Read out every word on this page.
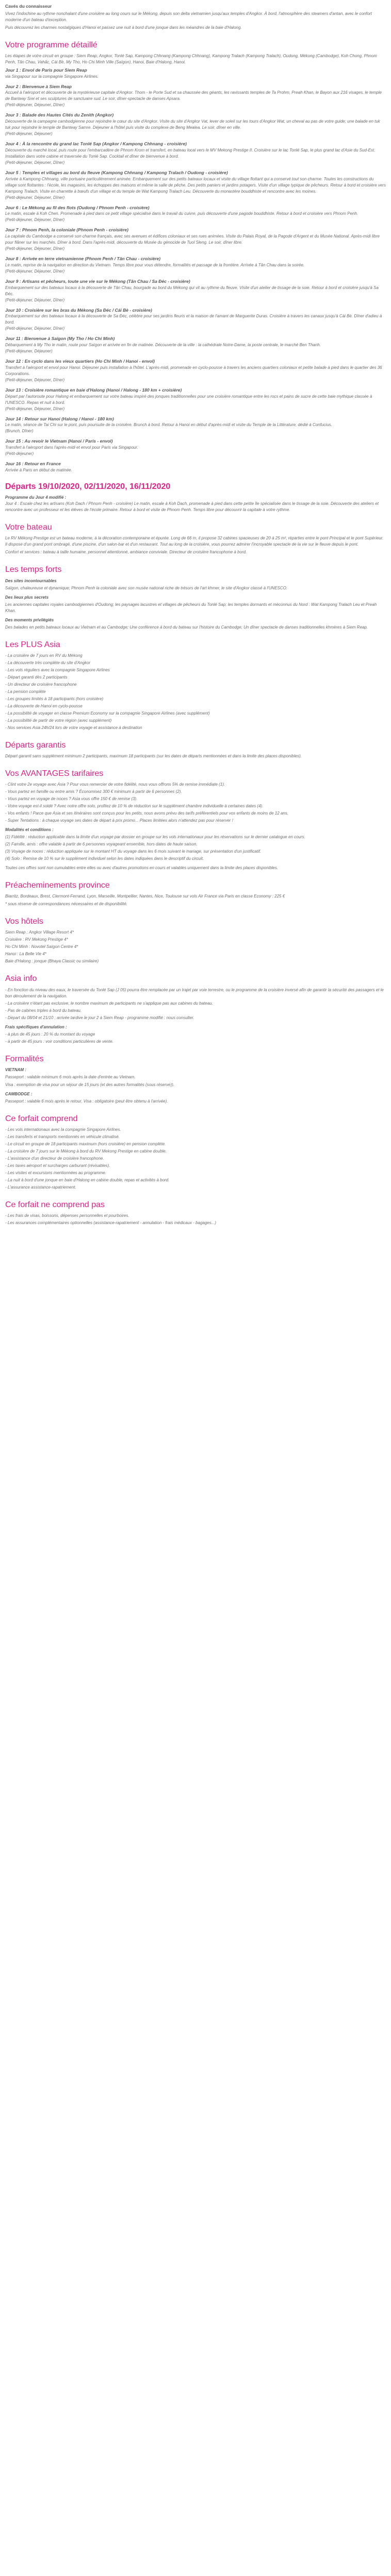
Cavés du connaisseur

Vivez l'indochine au rythme nonchalant d'une croisière au long cours sur le Mékong, depuis son delta vietnamien jusqu'aux temples d'Angkor. À bord, l'atmosphère des steamers d'antan, avec le confort moderne d'un bateau d'exception.

Puis découvrez les charmes nostalgiques d'Hanoi et passez une nuit à bord d'une jonque dans les méandres de la baie d'Halong.

Votre programme détaillé

Les étapes de votre circuit en groupe : Siem Reap, Angkor, Tonlé Sap, Kampong Chhnang (Kampong Chhnang), Kampong Tralach (Kampong Tralach), Oudong, Mékong (Cambodge), Koh Chong, Phnom Penh, Tân Chau, Vahấc, Cái Bè, My Tho, Ho Chi Minh Ville (Saïgon), Hanoi, Baie d'Halong, Hanoi.

Jour 1 : Envol de Paris pour Siem Reap

via Singapour sur la compagnie Singapore Airlines.

Jour 2 : Bienvenue à Siem Reap

Accueil à l'aéroport et découverte de la mystérieuse capitale d'Angkor. Thom - le Porte Sud et sa chaussée des géants, les ravissants temples de Ta Prohm, Preah Khan, le Bayon aux 216 visages, le temple de Banteay Srei et ses sculptures de sanctuaire sud. Le soir, dîner-spectacle de danses Apsara.

(Petit-déjeuner, Déjeuner, Dîner)

Jour 3 : Balade des Hautes Cités du Zenith (Angkor)

Découverte de la campagne cambodgienne pour rejoindre le cœur du site d'Angkor. Visite du site d'Angkor Vat, lever de soleil sur les tours d'Angkor Wat, un cheval au pas de votre guide; une balade en tuk tuk pour rejoindre le temple de Banteay Samre. Déjeuner à l'hôtel puis visite du complexe de Beng Mealea. Le soir, dîner en ville.

(Petit-déjeuner, Déjeuner)

Jour 4 : À la rencontre du grand lac Tonlé Sap (Angkor / Kampong Chhnang - croisière)

Découverte du marché local, puis route pour l'embarcadère de Phnom Krom et transfert, en bateau local vers le MV Mekong Prestige II. Croisière sur le lac Tonlé Sap, le plus grand lac d'Asie du Sud-Est. Installation dans votre cabine et traversée du Tonlé Sap. Cocktail et dîner de bienvenue à bord.

(Petit-déjeuner, Déjeuner, Dîner)

Jour 5 : Temples et villages au bord du fleuve (Kampong Chhnang / Kampong Tralach / Oudong - croisière)

Arrivée à Kampong Chhnang, ville portuaire particulièrement animée. Embarquement sur des petits bateaux locaux et visite du village flottant qui a conservé tout son charme. Toutes les constructions du village sont flottantes : l'école, les magasins, les échoppes des maisons et même la salle de pêche. Des petits paniers et jardins potagers. Visite d'un village typique de pêcheurs. Retour à bord et croisière vers Kampong Tralach. Visite en charrette à bœufs d'un village et du temple de Wat Kampong Tralach Leu. Découverte du monastère bouddhiste et rencontre avec les moines.

(Petit-déjeuner, Déjeuner, Dîner)

Jour 6 : Le Mékong au fil des flots (Oudong / Phnom Penh - croisière)

Le matin, escale à Koh Chen. Promenade à pied dans ce petit village spécialisé dans le travail du cuivre, puis découverte d'une pagode bouddhiste. Retour à bord et croisière vers Phnom Penh.

(Petit-déjeuner, Déjeuner, Dîner)

Jour 7 : Phnom Penh, la coloniale (Phnom Penh - croisière)

La capitale du Cambodge a conservé son charme français, avec ses avenues et édifices coloniaux et ses rues animées. Visite du Palais Royal, de la Pagode d'Argent et du Musée National. Après-midi libre pour flâner sur les marchés. Dîner à bord. Dans l'après-midi, découverte du Musée du génocide de Tuol Sleng. Le soir, dîner libre.

(Petit-déjeuner, Déjeuner, Dîner)

Jour 8 : Arrivée en terre vietnamienne (Phnom Penh / Tân Chau - croisière)

Le matin, reprise de la navigation en direction du Vietnam. Temps libre pour vous détendre, formalités et passage de la frontière. Arrivée à Tân Chau dans la soirée.

(Petit-déjeuner, Déjeuner, Dîner)

Jour 9 : Artisans et pêcheurs, toute une vie sur le Mékong (Tân Chau / Sa Đéc - croisière)

Embarquement sur des bateaux locaux à la découverte de Tân Chau, bourgade au bord du Mékong qui vit au rythme du fleuve. Visite d'un atelier de tissage de la soie. Retour à bord et croisière jusqu'à Sa Đéc.

(Petit-déjeuner, Déjeuner, Dîner)

Jour 10 : Croisière sur les bras du Mékong (Sa Đéc / Cái Bè - croisière)

Embarquement sur des bateaux locaux à la découverte de Sa Đéc, célèbre pour ses jardins fleuris et la maison de l'amant de Marguerite Duras. Croisière à travers les canaux jusqu'à Cái Bè. Dîner d'adieu à bord.

(Petit-déjeuner, Déjeuner, Dîner)

Jour 11 : Bienvenue à Saïgon (My Tho / Ho Chi Minh)

Débarquement à My Tho le matin, route pour Saïgon et arrivée en fin de matinée. Découverte de la ville : la cathédrale Notre-Dame, la poste centrale, le marché Ben Thanh.

(Petit-déjeuner, Déjeuner)

Jour 12 : En cyclo dans les vieux quartiers (Ho Chi Minh / Hanoi - envol)

Transfert à l'aéroport et envol pour Hanoi. Déjeuner puis installation à l'hôtel. L'après-midi, promenade en cyclo-pousse à travers les anciens quartiers coloniaux et petite balade à pied dans le quartier des 36 Corporations.

(Petit-déjeuner, Déjeuner, Dîner)

Jour 13 : Croisière romantique en baie d'Halong (Hanoi / Halong - 180 km + croisière)

Départ par l'autoroute pour Halong et embarquement sur votre bateau inspiré des jonques traditionnelles pour une croisière romantique entre les rocs et pains de sucre de cette baie mythique classée à l'UNESCO. Repas et nuit à bord.

(Petit-déjeuner, Déjeuner, Dîner)

Jour 14 : Retour sur Hanoi (Halong / Hanoi - 180 km)

Le matin, séance de Tai Chi sur le pont, puis poursuite de la croisière. Brunch à bord. Retour à Hanoi en début d'après-midi et visite du Temple de la Littérature, dédié à Confucius.

(Brunch, Dîner)

Jour 15 : Au revoir le Vietnam (Hanoi / Paris - envol)

Transfert à l'aéroport dans l'après-midi et envol pour Paris via Singapour.

(Petit-déjeuner)

Jour 16 : Retour en France

Arrivée à Paris en début de matinée.

Départs 19/10/2020, 02/11/2020, 16/11/2020
Programme du Jour 4 modifié :

Jour 4 : Escale chez les artisans (Koh Dach / Phnom Penh - croisière) Le matin, escale à Koh Dach, promenade à pied dans cette petite île spécialisée dans le tissage de la soie. Découverte des ateliers et rencontre avec un professeur et les élèves de l'école primaire. Retour à bord et visite de Phnom Penh. Temps libre pour découvrir la capitale à votre rythme.

Votre bateau

Le RV Mékong Prestige est un bateau moderne, à la décoration contemporaine et épurée. Long de 66 m, il propose 32 cabines spacieuses de 20 à 25 m², réparties entre le pont Principal et le pont Supérieur. Il dispose d'un grand pont ombragé, d'une piscine, d'un salon-bar et d'un restaurant. Tout au long de la croisière, vous pourrez admirer l'incroyable spectacle de la vie sur le fleuve depuis le pont.

Confort et services : bateau à taille humaine, personnel attentionné, ambiance conviviale. Directeur de croisière francophone à bord.

Les temps forts
Des sites incontournables

Saïgon, chaleureuse et dynamique; Phnom Penh la coloniale avec son musée national riche de trésors de l'art khmer, le site d'Angkor classé à l'UNESCO.

Des lieux plus secrets

Les anciennes capitales royales cambodgiennes d'Oudong; les paysages lacustres et villages de pêcheurs du Tonlé Sap; les temples dormants et méconnus du Nord : Wat Kampong Tralach Leu et Preah Khan.

Des moments privilégiés

Des balades en petits bateaux locaux au Vietnam et au Cambodge; Une conférence à bord du bateau sur l'histoire du Cambodge; Un dîner spectacle de danses traditionnelles khmères à Siem Reap.

Les PLUS Asia
- La croisière de 7 jours en RV du Mékong
- La découverte très complète du site d'Angkor
- Les vols réguliers avec la compagnie Singapore Airlines
- Départ garanti dès 2 participants
- Un directeur de croisière francophone
- La pension complète
- Les groupes limités à 18 participants (hors croisière)
- La découverte de Hanoi en cyclo-pousse
- La possibilité de voyager en classe Premium Economy sur la compagnie Singapore Airlines (avec supplément)
- La possibilité de partir de votre région (avec supplément)
- Nos services Asia 24h/24 lors de votre voyage et assistance à destination
Départs garantis

Départ garanti sans supplément minimum 2 participants, maximum 18 participants (sur les dates de départs mentionnées et dans la limite des places disponibles).

Vos AVANTAGES tarifaires
- Clint votre 2e voyage avec Asia ? Pour vous remercier de votre fidélité, nous vous offrons 5% de remise immédiate (1).
- Vous partez en famille ou entre amis ? Économisez 300 € minimum à partir de 6 personnes (2).
- Vous partez en voyage de noces ? Asia vous offre 150 € de remise (3).
- Votre voyage est-il soldé ? Avec notre offre solo, profitez de 10 % de réduction sur le supplément chambre individuelle à certaines dates (4).
- Vos enfants ! Parce que Asia et ses itinéraires sont conçus pour les petits, nous avons prévu des tarifs préférentiels pour vos enfants de moins de 12 ans.
- Super Tentations : à chaque voyage ses dates de départ à prix promo... Places limitées alors n'attendez pas pour réserver !
Modalités et conditions :
(1) Fidélité : réduction applicable dans la limite d'un voyage par dossier en groupe sur les vols internationaux pour les réservations sur le dernier catalogue en cours.
(2) Famille, amis : offre valable à partir de 6 personnes voyageant ensemble, hors dates de haute saison.
(3) Voyage de noces : réduction appliquée sur le montant HT du voyage dans les 6 mois suivant le mariage, sur présentation d'un justificatif.
(4) Solo : Remise de 10 % sur le supplément individuel selon les dates indiquées dans le descriptif du circuit.

Toutes ces offres sont non cumulables entre elles ou avec d'autres promotions en cours et valables uniquement dans la limite des places disponibles.

Préacheminements province

Biarritz, Bordeaux, Brest, Clermont-Ferrand, Lyon, Marseille, Montpellier, Nantes, Nice, Toulouse sur vols Air France via Paris en classe Economy : 225 €

* sous réserve de correspondances nécessaires et de disponibilité.

Vos hôtels
Siem Reap : Angkor Village Resort 4*
Croisière : RV Mekong Prestige 4*
Ho Chi Minh : Novotel Saïgon Centre 4*
Hanoi : La Belle Vie 4*
Baie d'Halong : jonque (Bhaya Classic ou similaire)
Asia info
- En fonction du niveau des eaux, le traversée du Tonlé Sap (J 05) pourra être remplacée par un trajet par voie terrestre, ou le programme de la croisière inversé afin de garantir la sécurité des passagers et le bon déroulement de la navigation.
- La croisière n'étant pas exclusive, le nombre maximum de participants ne s'applique pas aux cabines du bateau.
- Pas de cabines triples à bord du bateau.
- Départ du 08/04 et 21/10 : arrivée tardive le jour 2 à Siem Reap - programme modifié : nous consulter.
Frais spécifiques d'annulation :
- à plus de 45 jours : 20 % du montant du voyage
- à partir de 45 jours : voir conditions particulières de vente.
Formalités
VIETNAM :

Passeport : valable minimum 6 mois après la date d'entrée au Vietnam.

Visa : exemption de visa pour un séjour de 15 jours (et des autres formalités (sous réserve)).

CAMBODGE :

Passeport : valable 6 mois après le retour. Visa : obligatoire (peut être obtenu à l'arrivée).

Ce forfait comprend
- Les vols internationaux avec la compagnie Singapore Airlines.
- Les transferts et transports mentionnés en véhicule climatisé.
- Le circuit en groupe de 18 participants maximum (hors croisière) en pension complète.
- La croisière de 7 jours sur le Mékong à bord du RV Mekong Prestige en cabine double.
- L'assistance d'un directeur de croisière francophone.
- Les taxes aéroport et surcharges carburant (révisables).
- Les visites et excursions mentionnées au programme.
- La nuit à bord d'une jonque en baie d'Halong en cabine double, repas et activités à bord.
- L'assurance assistance-rapatriement.
Ce forfait ne comprend pas
- Les frais de visas, boissons, dépenses personnelles et pourboires.
- Les assurances complémentaires optionnelles (assistance-rapatriement - annulation - frais médicaux - bagages...)
